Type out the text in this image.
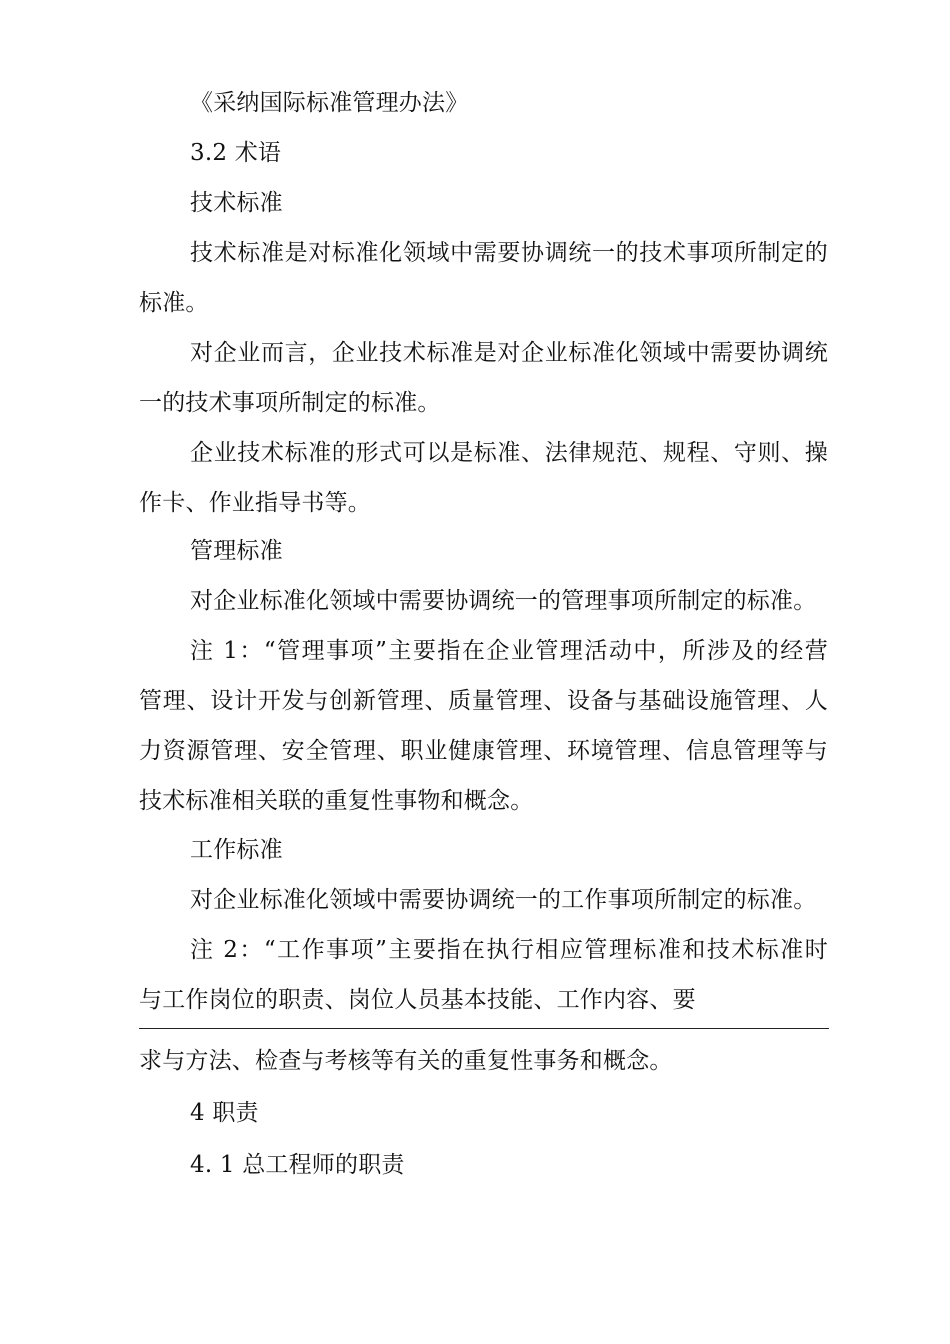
《采纳国际标准管理办法》
3.2 术语
技术标准
技术标准是对标准化领域中需要协调统一的技术事项所制定的
标准。
对企业而言，企业技术标准是对企业标准化领域中需要协调统
一的技术事项所制定的标准。
企业技术标准的形式可以是标准、法律规范、规程、守则、操
作卡、作业指导书等。
管理标准
对企业标准化领域中需要协调统一的管理事项所制定的标准。
注 1：“管理事项”主要指在企业管理活动中，所涉及的经营
管理、设计开发与创新管理、质量管理、设备与基础设施管理、人
力资源管理、安全管理、职业健康管理、环境管理、信息管理等与
技术标准相关联的重复性事物和概念。
工作标准
对企业标准化领域中需要协调统一的工作事项所制定的标准。
注 2：“工作事项”主要指在执行相应管理标准和技术标准时
与工作岗位的职责、岗位人员基本技能、工作内容、要
求与方法、检查与考核等有关的重复性事务和概念。
4 职责
4. 1 总工程师的职责
